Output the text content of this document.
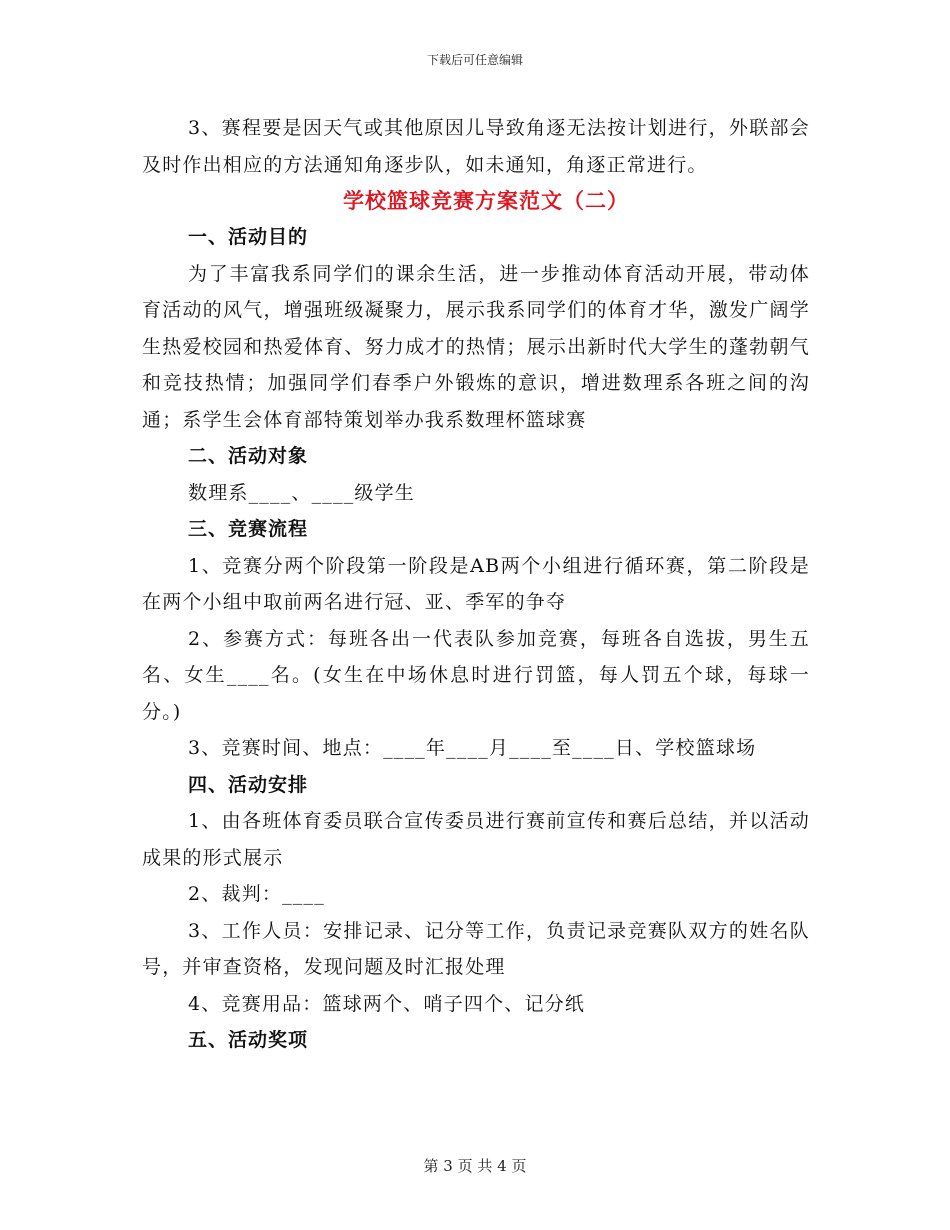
下载后可任意编辑

3、赛程要是因天气或其他原因儿导致角逐无法按计划进行，外联部会及时作出相应的方法通知角逐步队，如未通知，角逐正常进行。

学校篮球竞赛方案范文（二）

一、活动目的

为了丰富我系同学们的课余生活，进一步推动体育活动开展，带动体育活动的风气，增强班级凝聚力，展示我系同学们的体育才华，激发广阔学生热爱校园和热爱体育、努力成才的热情；展示出新时代大学生的蓬勃朝气和竞技热情；加强同学们春季户外锻炼的意识，增进数理系各班之间的沟通；系学生会体育部特策划举办我系数理杯篮球赛

二、活动对象

数理系____、____级学生

三、竞赛流程

1、竞赛分两个阶段第一阶段是AB两个小组进行循环赛，第二阶段是在两个小组中取前两名进行冠、亚、季军的争夺

2、参赛方式：每班各出一代表队参加竞赛，每班各自选拔，男生五名、女生____名。(女生在中场休息时进行罚篮，每人罚五个球，每球一分。)

3、竞赛时间、地点：____年____月____至____日、学校篮球场

四、活动安排

1、由各班体育委员联合宣传委员进行赛前宣传和赛后总结，并以活动成果的形式展示

2、裁判：____

3、工作人员：安排记录、记分等工作，负责记录竞赛队双方的姓名队号，并审查资格，发现问题及时汇报处理

4、竞赛用品：篮球两个、哨子四个、记分纸

五、活动奖项

第 3 页 共 4 页
